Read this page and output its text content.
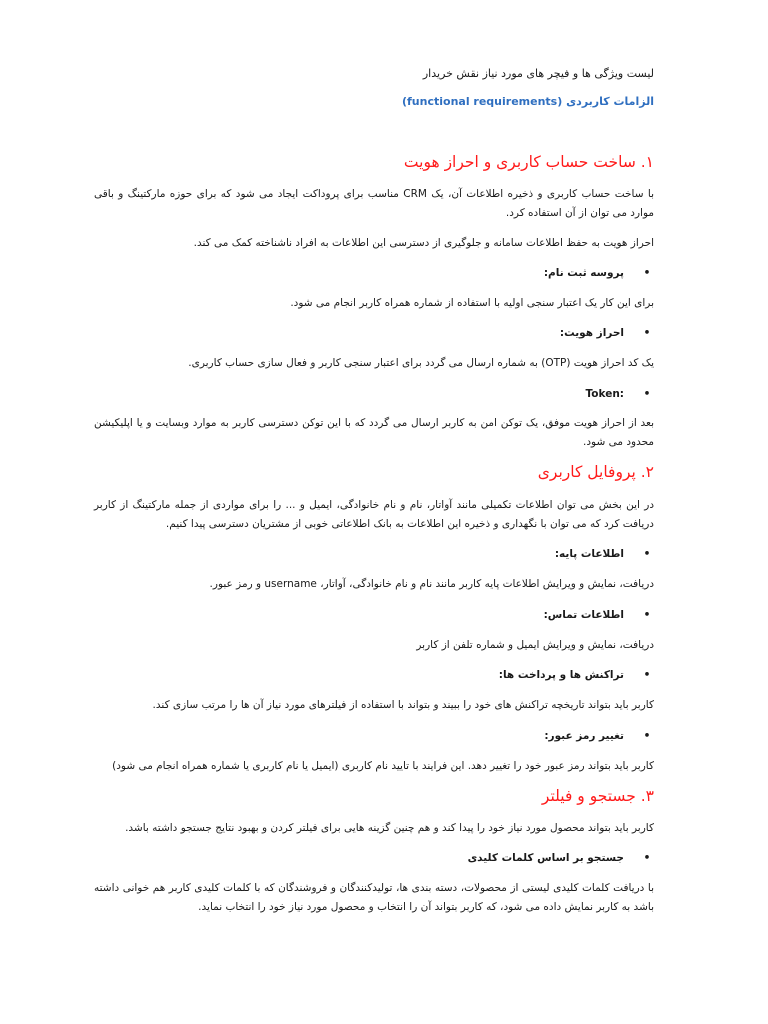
لیست ویژگی ها و فیچر های مورد نیاز نقش خریدار

الزامات کاربردی (functional requirements)

۱. ساخت حساب کاربری و احراز هویت

با ساخت حساب کاربری و ذخیره اطلاعات آن، یک CRM مناسب برای پروداکت ایجاد می شود که برای حوزه مارکتینگ و باقی موارد می توان از آن استفاده کرد.

احراز هویت به حفظ اطلاعات سامانه و جلوگیری از دسترسی این اطلاعات به افراد ناشناخته کمک می کند.

•پروسه ثبت نام:

برای این کار یک اعتبار سنجی اولیه با استفاده از شماره همراه کاربر انجام می شود.

•احراز هویت:

یک کد احراز هویت (OTP) به شماره ارسال می گردد برای اعتبار سنجی کاربر و فعال سازی حساب کاربری.

•:Token

بعد از احراز هویت موفق، یک توکن امن به کاربر ارسال می گردد که با این توکن دسترسی کاربر به موارد وبسایت و یا اپلیکیشن محدود می شود.

۲. پروفایل کاربری

در این بخش می توان اطلاعات تکمیلی مانند آواتار، نام و نام خانوادگی، ایمیل و ... را برای مواردی از جمله مارکتینگ از کاربر دریافت کرد که می توان با نگهداری و ذخیره این اطلاعات به بانک اطلاعاتی خوبی از مشتریان دسترسی پیدا کنیم.

•اطلاعات پایه:

دریافت، نمایش و ویرایش اطلاعات پایه کاربر مانند نام و نام خانوادگی، آواتار، username و رمز عبور.

•اطلاعات تماس:

دریافت، نمایش و ویرایش ایمیل و شماره تلفن از کاربر

•تراکنش ها و پرداخت ها:

کاربر باید بتواند تاریخچه تراکنش های خود را ببیند و بتواند با استفاده از فیلترهای مورد نیاز آن ها را مرتب سازی کند.

•تغییر رمز عبور:

کاربر باید بتواند رمز عبور خود را تغییر دهد. این فرایند با تایید نام کاربری (ایمیل یا نام کاربری یا شماره همراه انجام می شود)

۳. جستجو و فیلتر

کاربر باید بتواند محصول مورد نیاز خود را پیدا کند و هم چنین گزینه هایی برای فیلتر کردن و بهبود نتایج جستجو داشته باشد.

•جستجو بر اساس کلمات کلیدی

با دریافت کلمات کلیدی لیستی از محصولات، دسته بندی ها، تولیدکنندگان و فروشندگان که با کلمات کلیدی کاربر هم خوانی داشته باشد به کاربر نمایش داده می شود، که کاربر بتواند آن را انتخاب و محصول مورد نیاز خود را انتخاب نماید.
